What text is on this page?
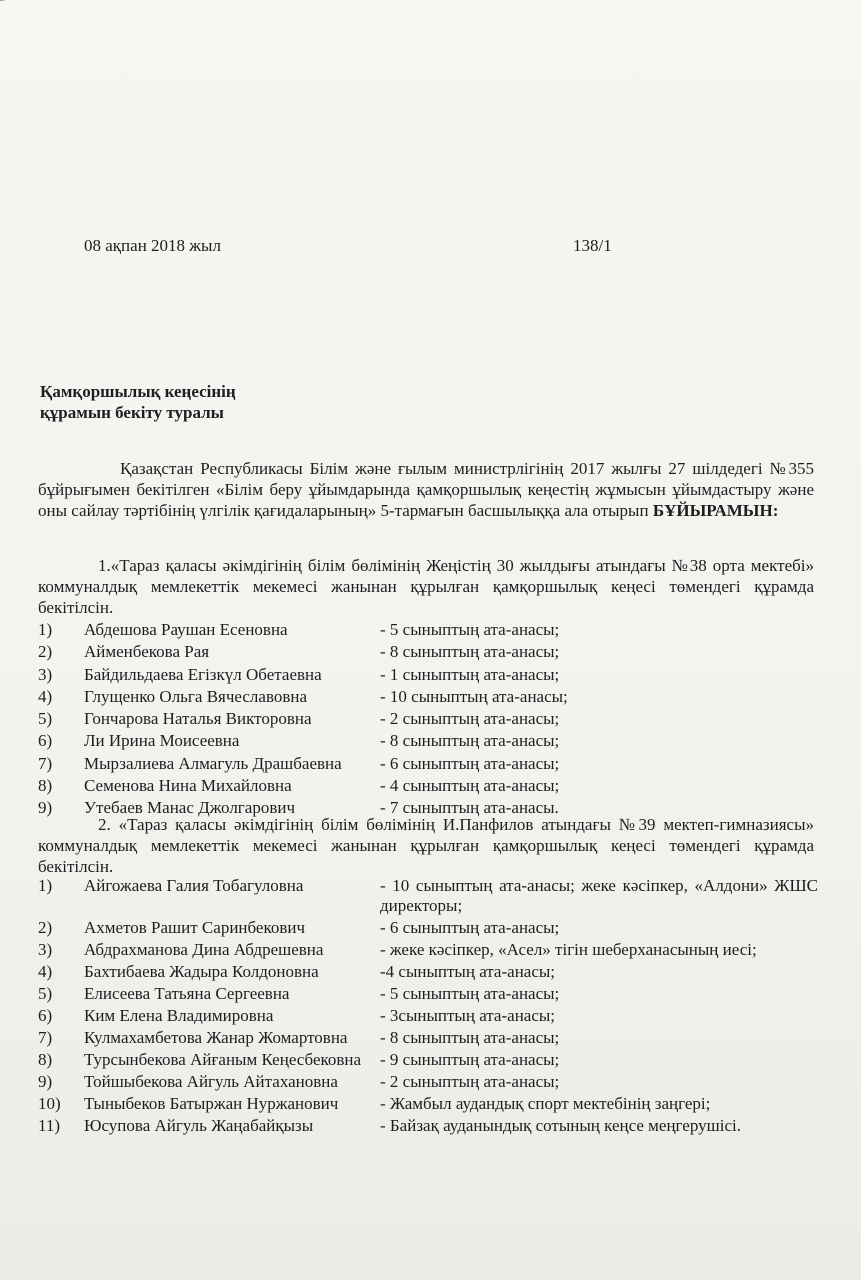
08 ақпан 2018 жыл	138/1
Қамқоршылық кеңесінің
құрамын бекіту туралы
Қазақстан Республикасы Білім және ғылым министрлігінің 2017 жылғы 27 шілдедегі №355 бұйрығымен бекітілген «Білім беру ұйымдарында қамқоршылық кеңестің жұмысын ұйымдастыру және оны сайлау тәртібінің үлгілік қағидаларының» 5-тармағын басшылыққа ала отырып БҰЙЫРАМЫН:
1.«Тараз қаласы әкімдігінің білім бөлімінің Жеңістің 30 жылдығы атындағы №38 орта мектебі» коммуналдық мемлекеттік мекемесі жанынан құрылған қамқоршылық кеңесі төмендегі құрамда бекітілсін.
1)	Абдешова Раушан Есеновна	- 5 сыныптың ата-анасы;
2)	Айменбекова Рая	- 8 сыныптың ата-анасы;
3)	Байдильдаева Егізкүл Обетаевна	- 1 сыныптың ата-анасы;
4)	Глущенко Ольга Вячеславовна	- 10 сыныптың ата-анасы;
5)	Гончарова Наталья Викторовна	- 2 сыныптың ата-анасы;
6)	Ли Ирина Моисеевна	- 8 сыныптың ата-анасы;
7)	Мырзалиева Алмагуль Драшбаевна	- 6 сыныптың ата-анасы;
8)	Семенова Нина Михайловна	- 4 сыныптың ата-анасы;
9)	Утебаев Манас Джолгарович	- 7 сыныптың ата-анасы.
2. «Тараз қаласы әкімдігінің білім бөлімінің И.Панфилов атындағы №39 мектеп-гимназиясы» коммуналдық мемлекеттік мекемесі жанынан құрылған қамқоршылық кеңесі төмендегі құрамда бекітілсін.
1)	Айгожаева Галия Тобагуловна	- 10 сыныптың ата-анасы; жеке кәсіпкер, «Алдони» ЖШС директоры;
2)	Ахметов Рашит Саринбекович	- 6 сыныптың ата-анасы;
3)	Абдрахманова Дина Абдрешевна	- жеке кәсіпкер, «Асел» тігін шеберханасының иесі;
4)	Бахтибаева Жадыра Колдоновна	-4 сыныптың ата-анасы;
5)	Елисеева Татьяна Сергеевна	- 5 сыныптың ата-анасы;
6)	Ким Елена Владимировна	- 3сыныптың ата-анасы;
7)	Кулмахамбетова Жанар Жомартовна	- 8 сыныптың ата-анасы;
8)	Турсынбекова Айғаным Кеңесбековна	- 9 сыныптың ата-анасы;
9)	Тойшыбекова Айгуль Айтахановна	- 2 сыныптың ата-анасы;
10)	Тыныбеков Батыржан Нуржанович	- Жамбыл аудандық спорт мектебінің заңгері;
11)	Юсупова Айгуль Жаңабайқызы	- Байзақ ауданындық сотының кеңсе меңгерушісі.
